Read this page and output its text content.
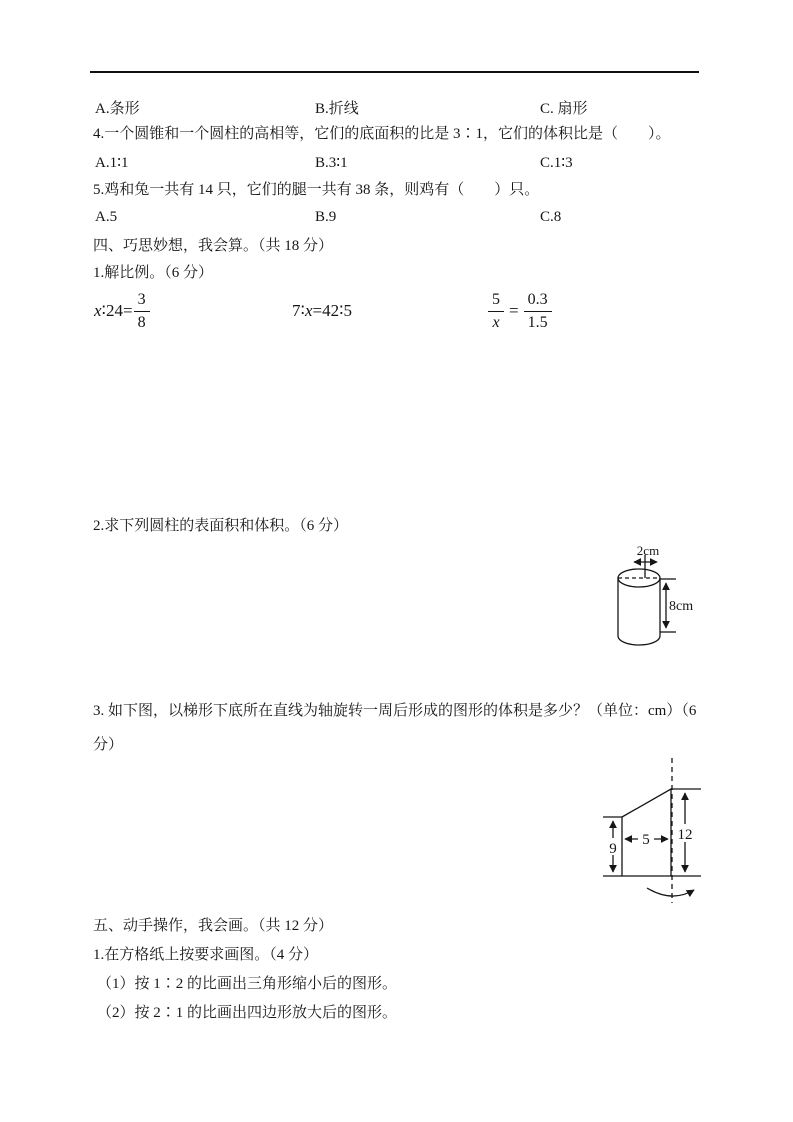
A.条形	B.折线	C. 扇形
4.一个圆锥和一个圆柱的高相等，它们的底面积的比是 3∶1，它们的体积比是（　　）。
A.1∶1	B.3∶1	C.1∶3
5.鸡和兔一共有 14 只，它们的腿一共有 38 条，则鸡有（　　）只。
A.5	B.9	C.8
四、巧思妙想，我会算。（共 18 分）
1.解比例。（6 分）
x ∶24= $\frac{3}{8}$	7∶ x =42∶5	$\frac{5}{x} = \frac{0.3}{1.5}$
2.求下列圆柱的表面积和体积。（6 分）
2cm
8cm
3. 如下图，以梯形下底所在直线为轴旋转一周后形成的图形的体积是多少？（单位：cm）（6
分）
9
5 12
五、动手操作，我会画。（共 12 分）
1.在方格纸上按要求画图。（4 分）
（1）按 1∶2 的比画出三角形缩小后的图形。
（2）按 2∶1 的比画出四边形放大后的图形。
